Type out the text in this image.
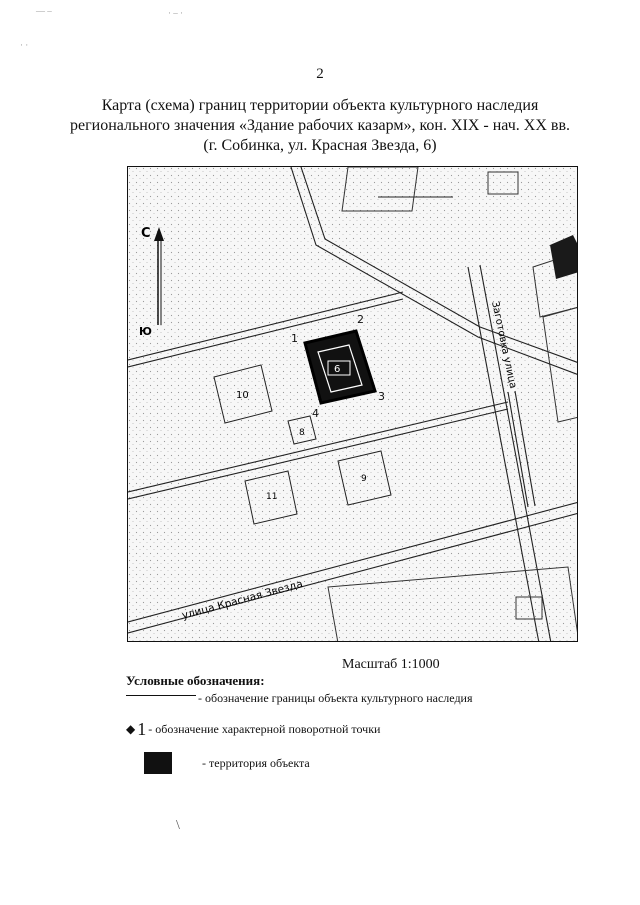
— ‒	· ‒ ·
· ·
2
Карта (схема) границ территории объекта культурного наследия
регионального значения «Здание рабочих казарм», кон. XIX - нач. XX вв.
(г. Собинка, ул. Красная Звезда, 6)
10
8
9
11
6
1
2
3
4
С
Ю
улица Красная Звезда
Заготовка улица
Масштаб 1:1000
Условные обозначения:
- обозначение границы объекта культурного наследия
◆ 1 - обозначение характерной поворотной точки
- территория объекта
\
